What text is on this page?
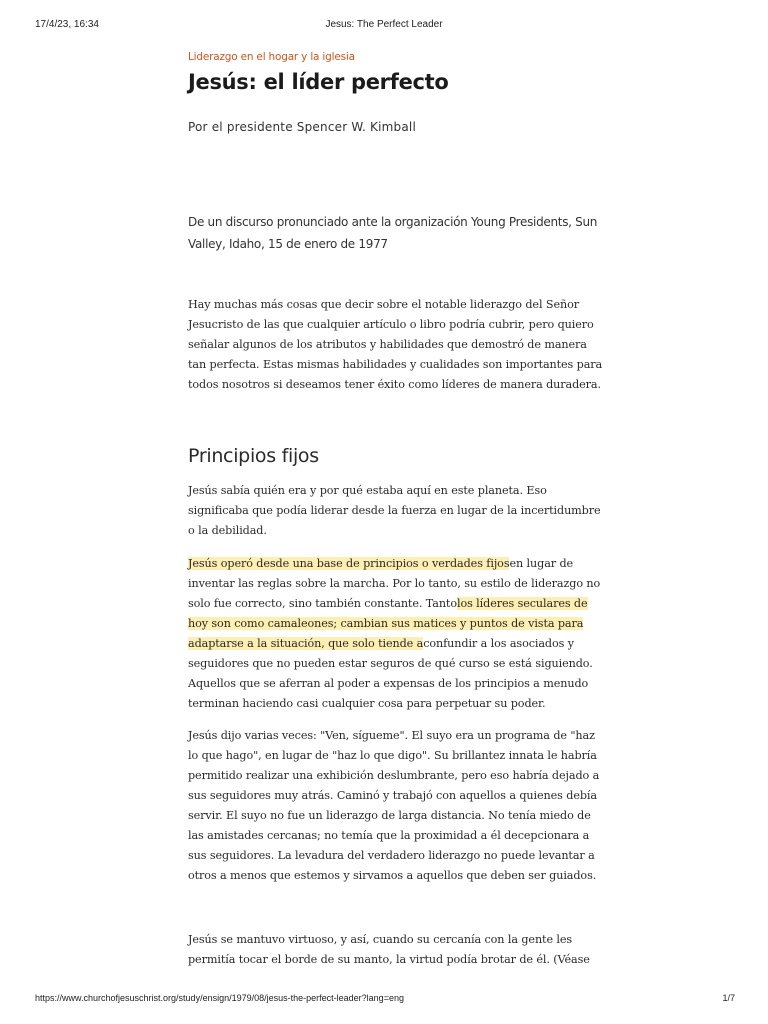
17/4/23, 16:34	Jesus: The Perfect Leader

Liderazgo en el hogar y la iglesia

Jesús: el líder perfecto
Por el presidente Spencer W. Kimball
De un discurso pronunciado ante la organización Young Presidents, Sun Valley, Idaho, 15 de enero de 1977

Hay muchas más cosas que decir sobre el notable liderazgo del Señor Jesucristo de las que cualquier artículo o libro podría cubrir, pero quiero señalar algunos de los atributos y habilidades que demostró de manera tan perfecta. Estas mismas habilidades y cualidades son importantes para todos nosotros si deseamos tener éxito como líderes de manera duradera.

Principios fijos

Jesús sabía quién era y por qué estaba aquí en este planeta. Eso significaba que podía liderar desde la fuerza en lugar de la incertidumbre o la debilidad.

Jesús operó desde una base de principios o verdades fijosen lugar de inventar las reglas sobre la marcha. Por lo tanto, su estilo de liderazgo no solo fue correcto, sino también constante. Tantolos líderes seculares de hoy son como camaleones; cambian sus matices y puntos de vista para adaptarse a la situación, que solo tiende aconfundir a los asociados y seguidores que no pueden estar seguros de qué curso se está siguiendo. Aquellos que se aferran al poder a expensas de los principios a menudo terminan haciendo casi cualquier cosa para perpetuar su poder.

Jesús dijo varias veces: "Ven, sígueme". El suyo era un programa de "haz lo que hago", en lugar de "haz lo que digo". Su brillantez innata le habría permitido realizar una exhibición deslumbrante, pero eso habría dejado a sus seguidores muy atrás. Caminó y trabajó con aquellos a quienes debía servir. El suyo no fue un liderazgo de larga distancia. No tenía miedo de las amistades cercanas; no temía que la proximidad a él decepcionara a sus seguidores. La levadura del verdadero liderazgo no puede levantar a otros a menos que estemos y sirvamos a aquellos que deben ser guiados.

Jesús se mantuvo virtuoso, y así, cuando su cercanía con la gente les permitía tocar el borde de su manto, la virtud podía brotar de él. (Véase

https://www.churchofjesuschrist.org/study/ensign/1979/08/jesus-the-perfect-leader?lang=eng	1/7
